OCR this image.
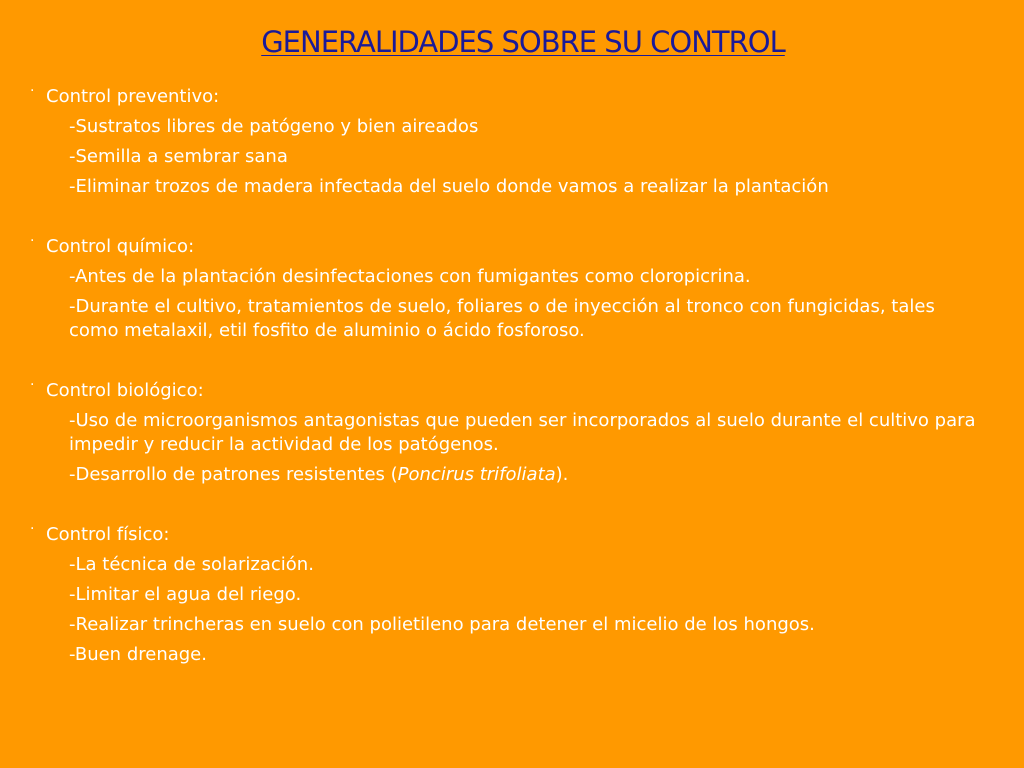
GENERALIDADES SOBRE SU CONTROL
· Control preventivo:
-Sustratos libres de patógeno y bien aireados
-Semilla a sembrar sana
-Eliminar trozos de madera infectada del suelo donde vamos a realizar la plantación
· Control químico:
-Antes de la plantación desinfectaciones con fumigantes como cloropicrina.
-Durante el cultivo, tratamientos de suelo, foliares o de inyección al tronco con fungicidas, tales como metalaxil, etil fosfito de aluminio o ácido fosforoso.
· Control biológico:
-Uso de microorganismos antagonistas que pueden ser incorporados al suelo durante el cultivo para impedir y reducir la actividad de los patógenos.
-Desarrollo de patrones resistentes (Poncirus trifoliata).
· Control físico:
-La técnica de solarización.
-Limitar el agua del riego.
-Realizar trincheras en suelo con polietileno para detener el micelio de los hongos.
-Buen drenage.
